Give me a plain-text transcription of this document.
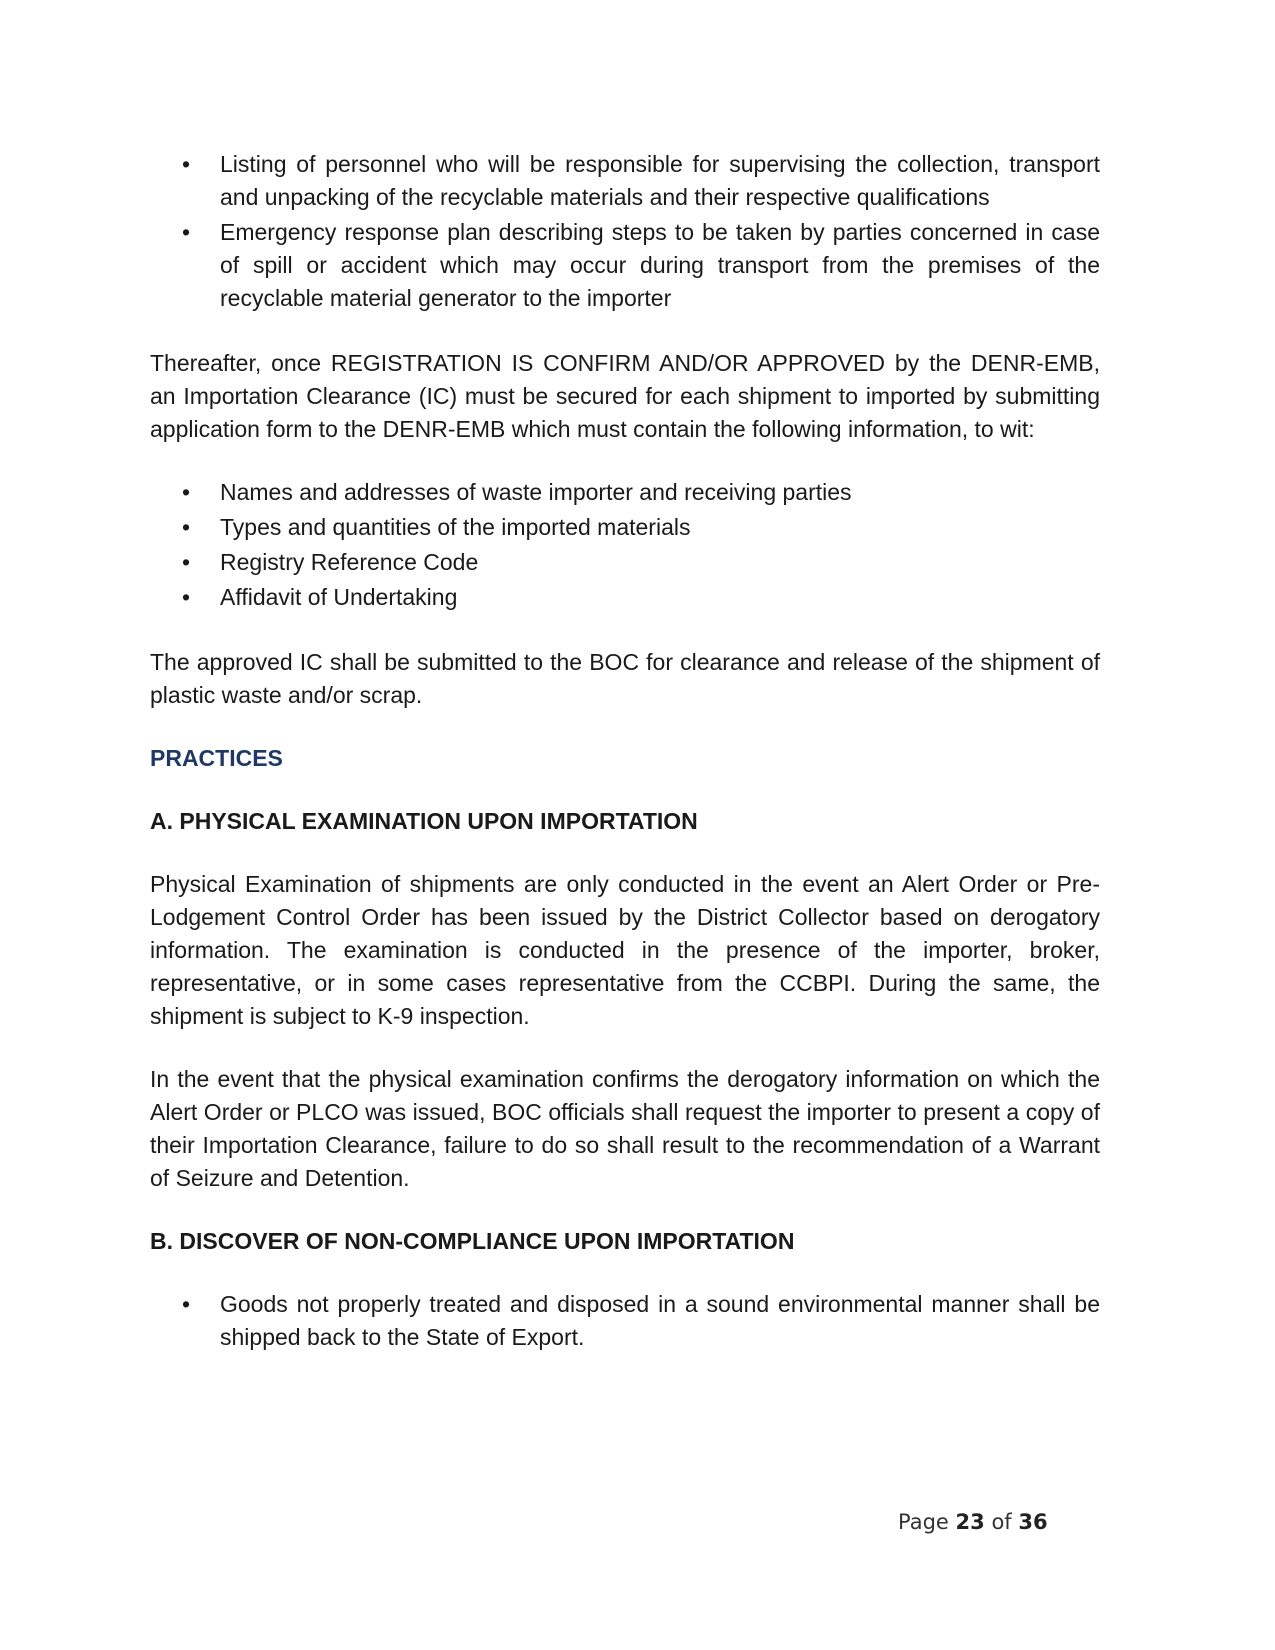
•	Listing of personnel who will be responsible for supervising the collection, transport and unpacking of the recyclable materials and their respective qualifications
•	Emergency response plan describing steps to be taken by parties concerned in case of spill or accident which may occur during transport from the premises of the recyclable material generator to the importer

Thereafter, once REGISTRATION IS CONFIRM AND/OR APPROVED by the DENR-EMB, an Importation Clearance (IC) must be secured for each shipment to imported by submitting application form to the DENR-EMB which must contain the following information, to wit:

•	Names and addresses of waste importer and receiving parties
•	Types and quantities of the imported materials
•	Registry Reference Code
•	Affidavit of Undertaking

The approved IC shall be submitted to the BOC for clearance and release of the shipment of plastic waste and/or scrap.

PRACTICES
A. PHYSICAL EXAMINATION UPON IMPORTATION

Physical Examination of shipments are only conducted in the event an Alert Order or Pre-Lodgement Control Order has been issued by the District Collector based on derogatory information. The examination is conducted in the presence of the importer, broker, representative, or in some cases representative from the CCBPI. During the same, the shipment is subject to K-9 inspection.

In the event that the physical examination confirms the derogatory information on which the Alert Order or PLCO was issued, BOC officials shall request the importer to present a copy of their Importation Clearance, failure to do so shall result to the recommendation of a Warrant of Seizure and Detention.

B. DISCOVER OF NON-COMPLIANCE UPON IMPORTATION
•	Goods not properly treated and disposed in a sound environmental manner shall be shipped back to the State of Export.
Page 23 of 36
